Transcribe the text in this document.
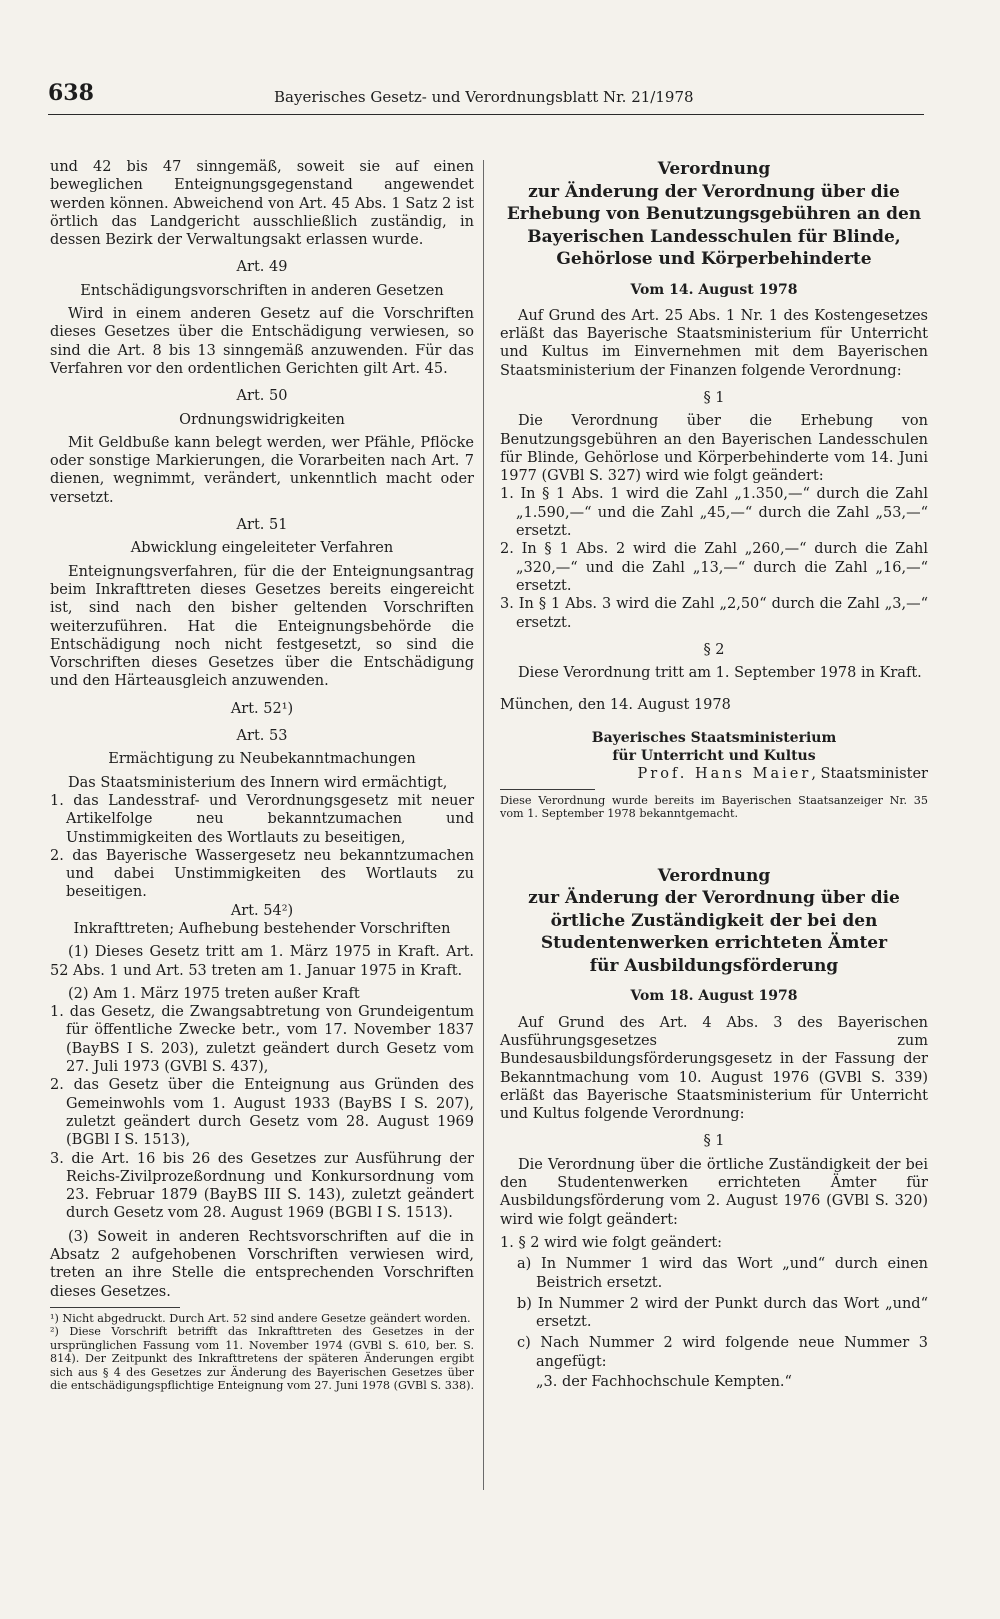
638	Bayerisches Gesetz- und Verordnungsblatt Nr. 21/1978

und 42 bis 47 sinngemäß, soweit sie auf einen beweglichen Enteignungsgegenstand angewendet werden können. Abweichend von Art. 45 Abs. 1 Satz 2 ist örtlich das Landgericht ausschließlich zuständig, in dessen Bezirk der Verwaltungsakt erlassen wurde.

Art. 49

Entschädigungsvorschriften in anderen Gesetzen

Wird in einem anderen Gesetz auf die Vorschriften dieses Gesetzes über die Entschädigung verwiesen, so sind die Art. 8 bis 13 sinngemäß anzuwenden. Für das Verfahren vor den ordentlichen Gerichten gilt Art. 45.

Art. 50

Ordnungswidrigkeiten

Mit Geldbuße kann belegt werden, wer Pfähle, Pflöcke oder sonstige Markierungen, die Vorarbeiten nach Art. 7 dienen, wegnimmt, verändert, unkenntlich macht oder versetzt.

Art. 51

Abwicklung eingeleiteter Verfahren

Enteignungsverfahren, für die der Enteignungsantrag beim Inkrafttreten dieses Gesetzes bereits eingereicht ist, sind nach den bisher geltenden Vorschriften weiterzuführen. Hat die Enteignungsbehörde die Entschädigung noch nicht festgesetzt, so sind die Vorschriften dieses Gesetzes über die Entschädigung und den Härteausgleich anzuwenden.

Art. 52¹)

Art. 53

Ermächtigung zu Neubekanntmachungen

Das Staatsministerium des Innern wird ermächtigt,

1. das Landesstraf- und Verordnungsgesetz mit neuer Artikelfolge neu bekanntzumachen und Unstimmigkeiten des Wortlauts zu beseitigen,
2. das Bayerische Wassergesetz neu bekanntzumachen und dabei Unstimmigkeiten des Wortlauts zu beseitigen.

Art. 54²)

Inkrafttreten; Aufhebung bestehender Vorschriften

(1) Dieses Gesetz tritt am 1. März 1975 in Kraft. Art. 52 Abs. 1 und Art. 53 treten am 1. Januar 1975 in Kraft.

(2) Am 1. März 1975 treten außer Kraft

1. das Gesetz, die Zwangsabtretung von Grundeigentum für öffentliche Zwecke betr., vom 17. November 1837 (BayBS I S. 203), zuletzt geändert durch Gesetz vom 27. Juli 1973 (GVBl S. 437),
2. das Gesetz über die Enteignung aus Gründen des Gemeinwohls vom 1. August 1933 (BayBS I S. 207), zuletzt geändert durch Gesetz vom 28. August 1969 (BGBl I S. 1513),
3. die Art. 16 bis 26 des Gesetzes zur Ausführung der Reichs-Zivilprozeßordnung und Konkursordnung vom 23. Februar 1879 (BayBS III S. 143), zuletzt geändert durch Gesetz vom 28. August 1969 (BGBl I S. 1513).

(3) Soweit in anderen Rechtsvorschriften auf die in Absatz 2 aufgehobenen Vorschriften verwiesen wird, treten an ihre Stelle die entsprechenden Vorschriften dieses Gesetzes.

¹) Nicht abgedruckt. Durch Art. 52 sind andere Gesetze geändert worden.

²) Diese Vorschrift betrifft das Inkrafttreten des Gesetzes in der ursprünglichen Fassung vom 11. November 1974 (GVBl S. 610, ber. S. 814). Der Zeitpunkt des Inkrafttretens der späteren Änderungen ergibt sich aus § 4 des Gesetzes zur Änderung des Bayerischen Gesetzes über die entschädigungspflichtige Enteignung vom 27. Juni 1978 (GVBl S. 338).

Verordnung
zur Änderung der Verordnung über die
Erhebung von Benutzungsgebühren an den
Bayerischen Landesschulen für Blinde,
Gehörlose und Körperbehinderte
Vom 14. August 1978

Auf Grund des Art. 25 Abs. 1 Nr. 1 des Kostengesetzes erläßt das Bayerische Staatsministerium für Unterricht und Kultus im Einvernehmen mit dem Bayerischen Staatsministerium der Finanzen folgende Verordnung:

§ 1

Die Verordnung über die Erhebung von Benutzungsgebühren an den Bayerischen Landesschulen für Blinde, Gehörlose und Körperbehinderte vom 14. Juni 1977 (GVBl S. 327) wird wie folgt geändert:

1. In § 1 Abs. 1 wird die Zahl „1.350,—“ durch die Zahl „1.590,—“ und die Zahl „45,—“ durch die Zahl „53,—“ ersetzt.
2. In § 1 Abs. 2 wird die Zahl „260,—“ durch die Zahl „320,—“ und die Zahl „13,—“ durch die Zahl „16,—“ ersetzt.
3. In § 1 Abs. 3 wird die Zahl „2,50“ durch die Zahl „3,—“ ersetzt.

§ 2

Diese Verordnung tritt am 1. September 1978 in Kraft.

München, den 14. August 1978

Bayerisches Staatsministerium
für Unterricht und Kultus
Prof. Hans Maier, Staatsminister

Diese Verordnung wurde bereits im Bayerischen Staatsanzeiger Nr. 35 vom 1. September 1978 bekanntgemacht.

Verordnung
zur Änderung der Verordnung über die
örtliche Zuständigkeit der bei den
Studentenwerken errichteten Ämter
für Ausbildungsförderung
Vom 18. August 1978

Auf Grund des Art. 4 Abs. 3 des Bayerischen Ausführungsgesetzes zum Bundesausbildungsförderungsgesetz in der Fassung der Bekanntmachung vom 10. August 1976 (GVBl S. 339) erläßt das Bayerische Staatsministerium für Unterricht und Kultus folgende Verordnung:

§ 1

Die Verordnung über die örtliche Zuständigkeit der bei den Studentenwerken errichteten Ämter für Ausbildungsförderung vom 2. August 1976 (GVBl S. 320) wird wie folgt geändert:

1. § 2 wird wie folgt geändert:
a) In Nummer 1 wird das Wort „und“ durch einen Beistrich ersetzt.
b) In Nummer 2 wird der Punkt durch das Wort „und“ ersetzt.
c) Nach Nummer 2 wird folgende neue Nummer 3 angefügt:
„3. der Fachhochschule Kempten.“
